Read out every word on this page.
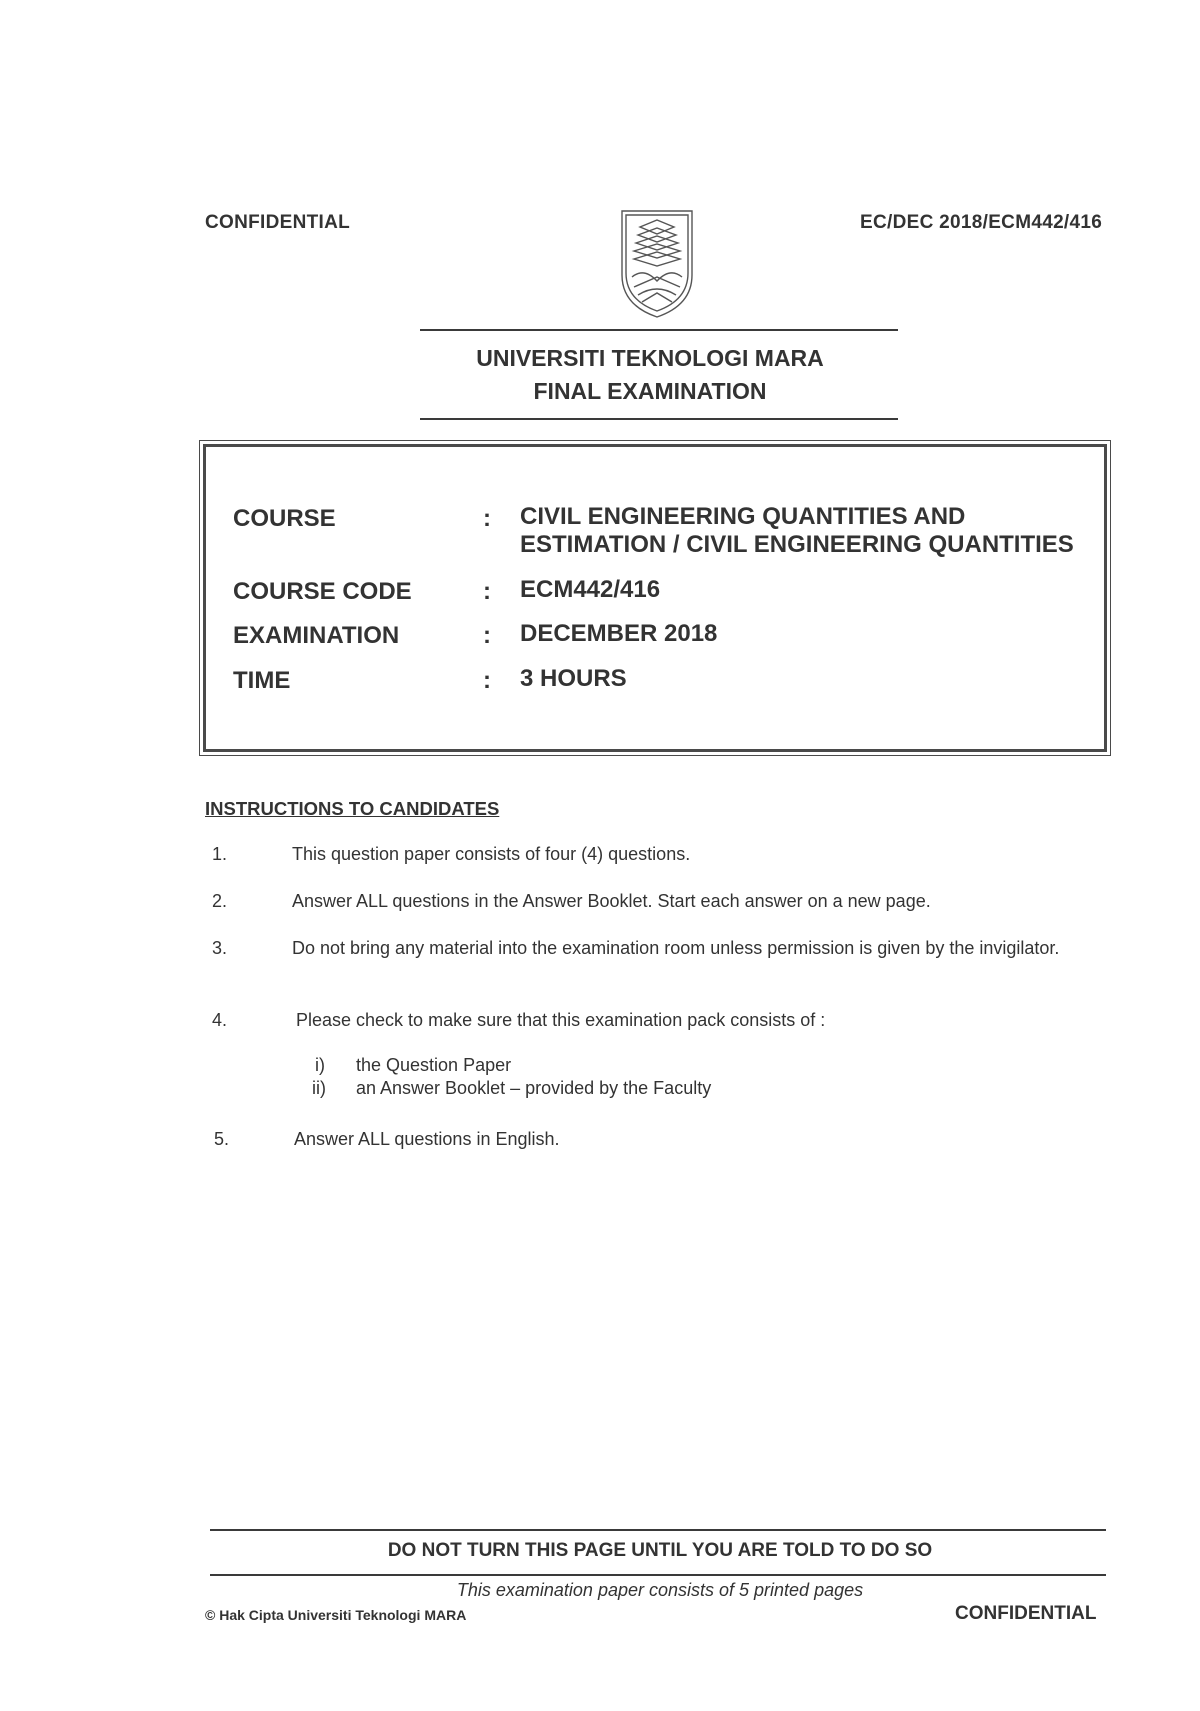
CONFIDENTIAL	EC/DEC 2018/ECM442/416
UNIVERSITI TEKNOLOGI MARA
FINAL EXAMINATION
COURSE	: CIVIL ENGINEERING QUANTITIES AND
ESTIMATION / CIVIL ENGINEERING QUANTITIES
COURSE CODE	: ECM442/416
EXAMINATION	: DECEMBER 2018
TIME	: 3 HOURS
INSTRUCTIONS TO CANDIDATES
1.	This question paper consists of four (4) questions.
2.	Answer ALL questions in the Answer Booklet. Start each answer on a new page.
3.	Do not bring any material into the examination room unless permission is given by the invigilator.
4.	Please check to make sure that this examination pack consists of :
i) the Question Paper
ii) an Answer Booklet – provided by the Faculty
5.	Answer ALL questions in English.
DO NOT TURN THIS PAGE UNTIL YOU ARE TOLD TO DO SO
This examination paper consists of 5 printed pages
© Hak Cipta Universiti Teknologi MARA	CONFIDENTIAL
